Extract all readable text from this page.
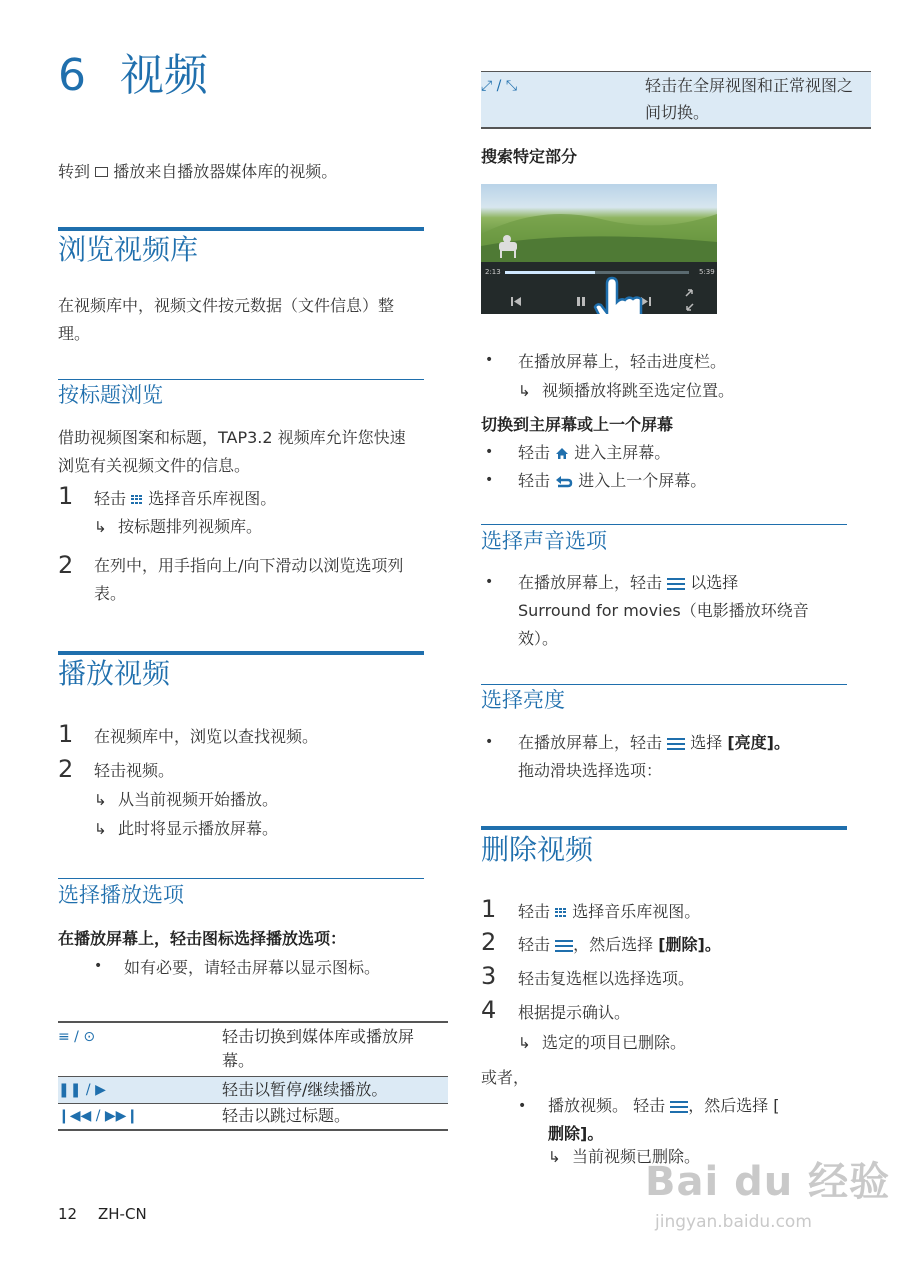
6 视频
转到 播放来自播放器媒体库的视频。
浏览视频库
在视频库中，视频文件按元数据（文件信息）整理。
按标题浏览
借助视频图案和标题，TAP3.2 视频库允许您快速浏览有关视频文件的信息。
1 轻击 选择音乐库视图。
↳ 按标题排列视频库。
2 在列中，用手指向上/向下滑动以浏览选项列表。
播放视频
1 在视频库中，浏览以查找视频。
2 轻击视频。
↳ 从当前视频开始播放。
↳ 此时将显示播放屏幕。
选择播放选项
在播放屏幕上，轻击图标选择播放选项：
• 如有必要，请轻击屏幕以显示图标。
≡ / ⊙	轻击切换到媒体库或播放屏幕。
❚❚ / ▶	轻击以暂停/继续播放。
❙◀◀ / ▶▶❙	轻击以跳过标题。
⤢ / ⤡	轻击在全屏视图和正常视图之间切换。
搜索特定部分
2:13	5:39
• 在播放屏幕上，轻击进度栏。
↳ 视频播放将跳至选定位置。
切换到主屏幕或上一个屏幕
• 轻击 进入主屏幕。
• 轻击 进入上一个屏幕。
选择声音选项
• 在播放屏幕上，轻击 以选择
Surround for movies（电影播放环绕音效）。
选择亮度
• 在播放屏幕上，轻击 选择 [亮度]。
拖动滑块选择选项：
删除视频
1 轻击 选择音乐库视图。
2 轻击 ，然后选择 [删除]。
3 轻击复选框以选择选项。
4 根据提示确认。
↳ 选定的项目已删除。
或者，
• 播放视频。 轻击 ，然后选择 [
删除]。
↳ 当前视频已删除。
12 ZH-CN
Bai du 经验
jingyan.baidu.com
